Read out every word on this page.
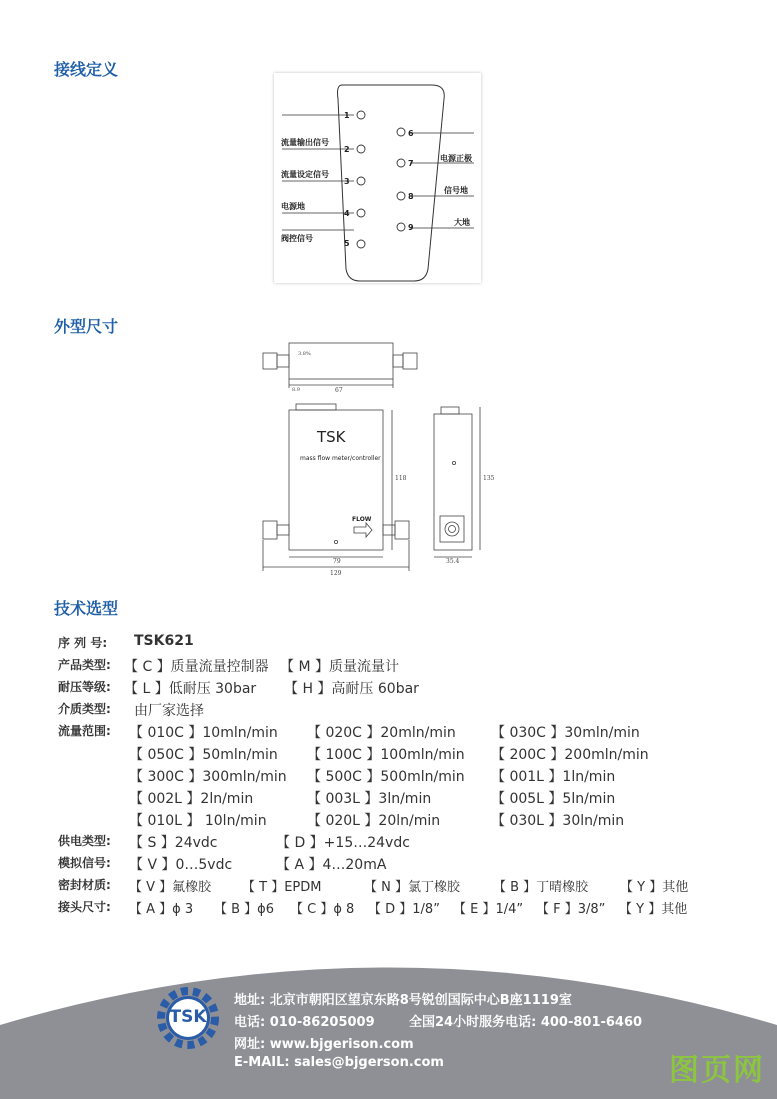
接线定义
外型尺寸
技术选型
1
2
3
4
5
6
7
8
9
流量输出信号
流量设定信号
电源地
阀控信号
电源正极
信号地
大地
TSK
mass flow meter/controller
FLOW
67
79
129
35.4
118	135
8.9
3.8%
序 列 号: TSK621
产品类型: 【 C 】质量流量控制器 【 M 】质量流量计
耐压等级: 【 L 】低耐压 30bar 【 H 】高耐压 60bar
介质类型: 由厂家选择
流量范围: 【 010C 】10mln/min 【 020C 】20mln/min	【 030C 】30mln/min
【 050C 】50mln/min 【 100C 】100mln/min 【 200C 】200mln/min
【 300C 】300mln/min 【 500C 】500mln/min 【 001L 】1ln/min
【 002L 】2ln/min	【 003L 】3ln/min	【 005L 】5ln/min
【 010L 】 10ln/min	【 020L 】20ln/min	【 030L 】30ln/min
供电类型: 【 S 】24vdc	【 D 】+15…24vdc
模拟信号: 【 V 】0…5vdc	【 A 】4…20mA
密封材质: 【 V 】氟橡胶 【 T 】EPDM	【 N 】氯丁橡胶	【 B 】丁晴橡胶 【 Y 】其他
接头尺寸: 【 A 】ϕ 3 【 B 】ϕ6 【 C 】ϕ 8 【 D 】1/8” 【 E 】1/4” 【 F 】3/8” 【 Y 】其他
TSK
地址: 北京市朝阳区望京东路8号锐创国际中心B座1119室
电话: 010-86205009	全国24小时服务电话: 400-801-6460
网址: www.bjgerison.com
E-MAIL: sales@bjgerson.com	图页网
